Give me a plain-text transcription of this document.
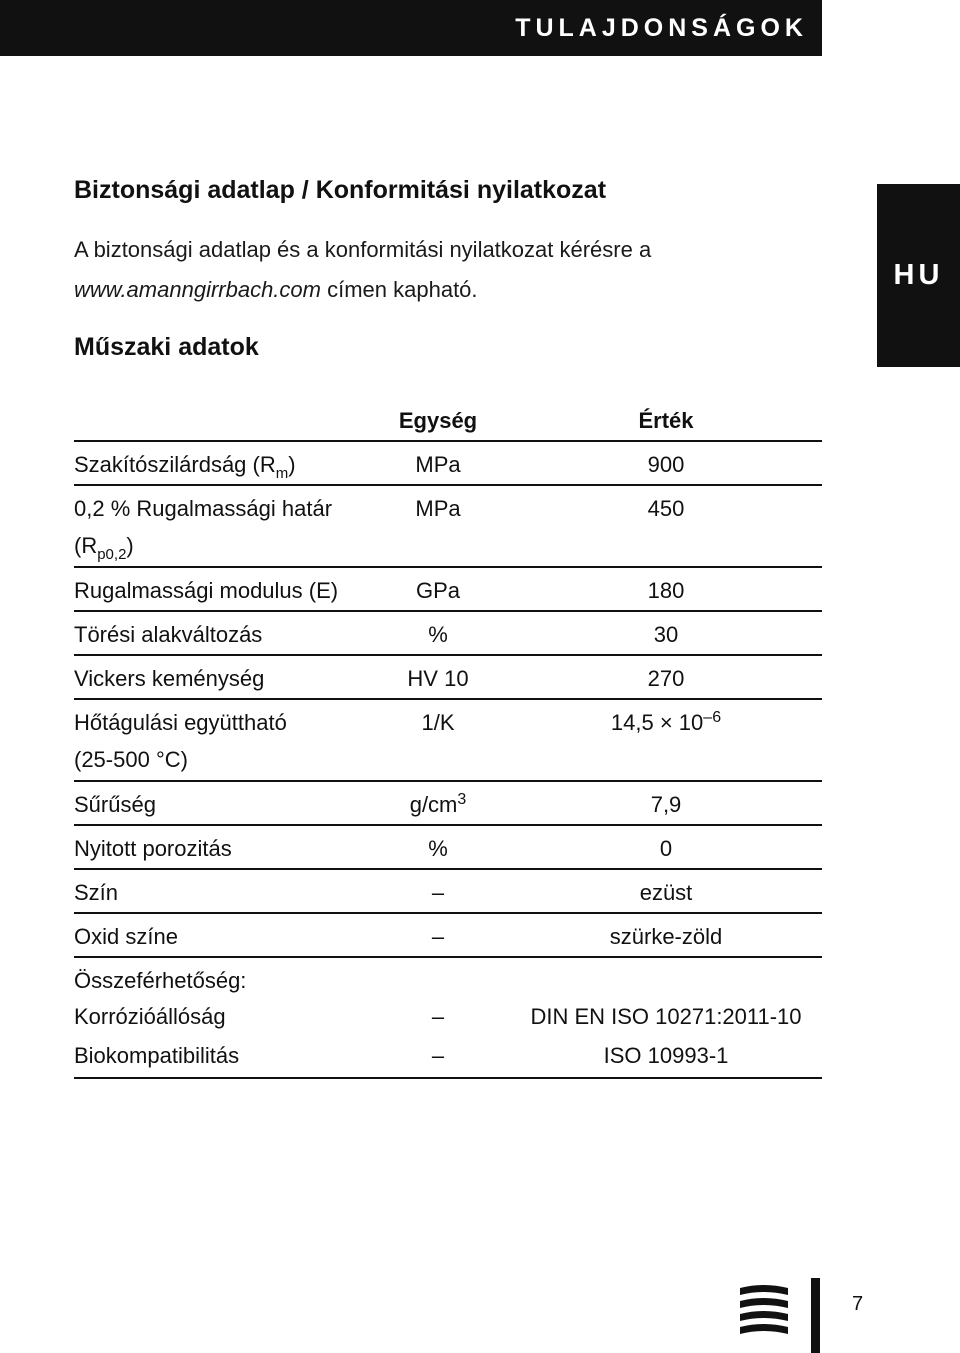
TULAJDONSÁGOK
HU
Biztonsági adatlap / Konformitási nyilatkozat

A biztonsági adatlap és a konformitási nyilatkozat kérésre a
www.amanngirrbach.com címen kapható.

Műszaki adatok
Egység	Érték
Szakítószilárdság $(R_m)$	MPa	900
0,2 % Rugalmassági határ
$(R_{p0,2})$
MPa	450
Rugalmassági modulus (E)	GPa	180
Törési alakváltozás	%	30
Vickers keménység	HV 10	270
Hőtágulási együttható
(25-500 °C)
1/K	$14,5 \times 10^{-6}$
Sűrűség	$g/cm^3$	7,9
Nyitott porozitás	%	0
Szín	–	ezüst
Oxid színe	–	szürke-zöld
Összeférhetőség:
Korrózióállóság	–	DIN EN ISO 10271:2011-10
Biokompatibilitás	–	ISO 10993-1
7
